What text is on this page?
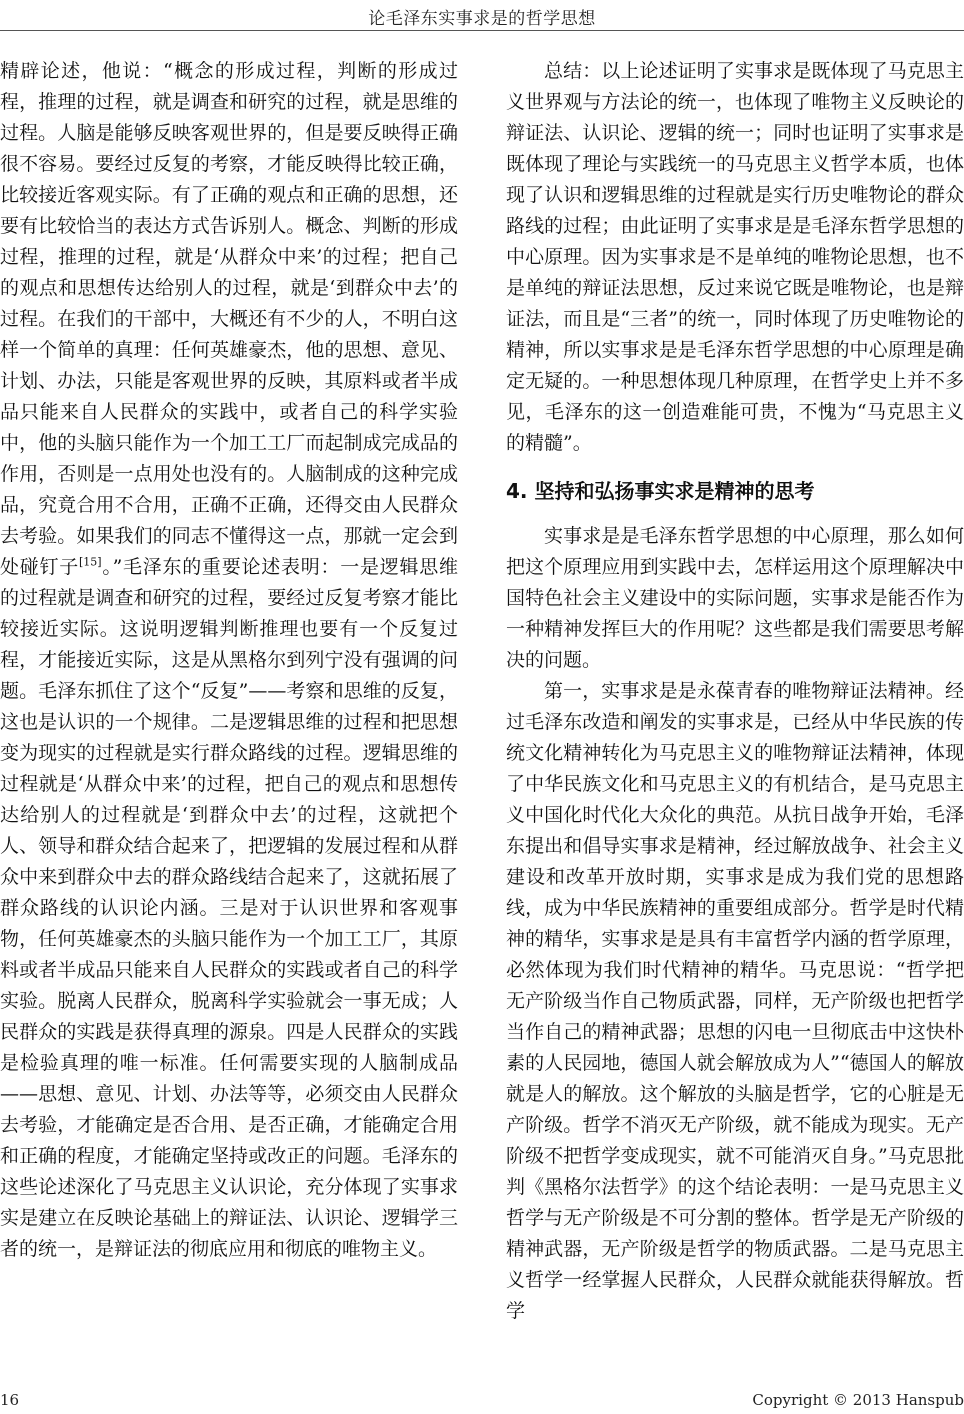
论毛泽东实事求是的哲学思想

精辟论述，他说：“概念的形成过程，判断的形成过程，推理的过程，就是调查和研究的过程，就是思维的过程。人脑是能够反映客观世界的，但是要反映得正确很不容易。要经过反复的考察，才能反映得比较正确，比较接近客观实际。有了正确的观点和正确的思想，还要有比较恰当的表达方式告诉别人。概念、判断的形成过程，推理的过程，就是‘从群众中来’的过程；把自己的观点和思想传达给别人的过程，就是‘到群众中去’的过程。在我们的干部中，大概还有不少的人，不明白这样一个简单的真理：任何英雄豪杰，他的思想、意见、计划、办法，只能是客观世界的反映，其原料或者半成品只能来自人民群众的实践中，或者自己的科学实验中，他的头脑只能作为一个加工工厂而起制成完成品的作用，否则是一点用处也没有的。人脑制成的这种完成品，究竟合用不合用，正确不正确，还得交由人民群众去考验。如果我们的同志不懂得这一点，那就一定会到处碰钉子[15]。”毛泽东的重要论述表明：一是逻辑思维的过程就是调查和研究的过程，要经过反复考察才能比较接近实际。这说明逻辑判断推理也要有一个反复过程，才能接近实际，这是从黑格尔到列宁没有强调的问题。毛泽东抓住了这个“反复”——考察和思维的反复，这也是认识的一个规律。二是逻辑思维的过程和把思想变为现实的过程就是实行群众路线的过程。逻辑思维的过程就是‘从群众中来’的过程，把自己的观点和思想传达给别人的过程就是‘到群众中去’的过程，这就把个人、领导和群众结合起来了，把逻辑的发展过程和从群众中来到群众中去的群众路线结合起来了，这就拓展了群众路线的认识论内涵。三是对于认识世界和客观事物，任何英雄豪杰的头脑只能作为一个加工工厂，其原料或者半成品只能来自人民群众的实践或者自己的科学实验。脱离人民群众，脱离科学实验就会一事无成；人民群众的实践是获得真理的源泉。四是人民群众的实践是检验真理的唯一标准。任何需要实现的人脑制成品——思想、意见、计划、办法等等，必须交由人民群众去考验，才能确定是否合用、是否正确，才能确定合用和正确的程度，才能确定坚持或改正的问题。毛泽东的这些论述深化了马克思主义认识论，充分体现了实事求实是建立在反映论基础上的辩证法、认识论、逻辑学三者的统一，是辩证法的彻底应用和彻底的唯物主义。

总结：以上论述证明了实事求是既体现了马克思主义世界观与方法论的统一，也体现了唯物主义反映论的辩证法、认识论、逻辑的统一；同时也证明了实事求是既体现了理论与实践统一的马克思主义哲学本质，也体现了认识和逻辑思维的过程就是实行历史唯物论的群众路线的过程；由此证明了实事求是是毛泽东哲学思想的中心原理。因为实事求是不是单纯的唯物论思想，也不是单纯的辩证法思想，反过来说它既是唯物论，也是辩证法，而且是“三者”的统一，同时体现了历史唯物论的精神，所以实事求是是毛泽东哲学思想的中心原理是确定无疑的。一种思想体现几种原理，在哲学史上并不多见，毛泽东的这一创造难能可贵，不愧为“马克思主义的精髓”。

4. 坚持和弘扬事实求是精神的思考

实事求是是毛泽东哲学思想的中心原理，那么如何把这个原理应用到实践中去，怎样运用这个原理解决中国特色社会主义建设中的实际问题，实事求是能否作为一种精神发挥巨大的作用呢？这些都是我们需要思考解决的问题。

第一，实事求是是永葆青春的唯物辩证法精神。经过毛泽东改造和阐发的实事求是，已经从中华民族的传统文化精神转化为马克思主义的唯物辩证法精神，体现了中华民族文化和马克思主义的有机结合，是马克思主义中国化时代化大众化的典范。从抗日战争开始，毛泽东提出和倡导实事求是精神，经过解放战争、社会主义建设和改革开放时期，实事求是成为我们党的思想路线，成为中华民族精神的重要组成部分。哲学是时代精神的精华，实事求是是具有丰富哲学内涵的哲学原理，必然体现为我们时代精神的精华。马克思说：“哲学把无产阶级当作自己物质武器，同样，无产阶级也把哲学当作自己的精神武器；思想的闪电一旦彻底击中这快朴素的人民园地，德国人就会解放成为人”“德国人的解放就是人的解放。这个解放的头脑是哲学，它的心脏是无产阶级。哲学不消灭无产阶级，就不能成为现实。无产阶级不把哲学变成现实，就不可能消灭自身。”马克思批判《黑格尔法哲学》的这个结论表明：一是马克思主义哲学与无产阶级是不可分割的整体。哲学是无产阶级的精神武器，无产阶级是哲学的物质武器。二是马克思主义哲学一经掌握人民群众，人民群众就能获得解放。哲学

16	Copyright © 2013 Hanspub
